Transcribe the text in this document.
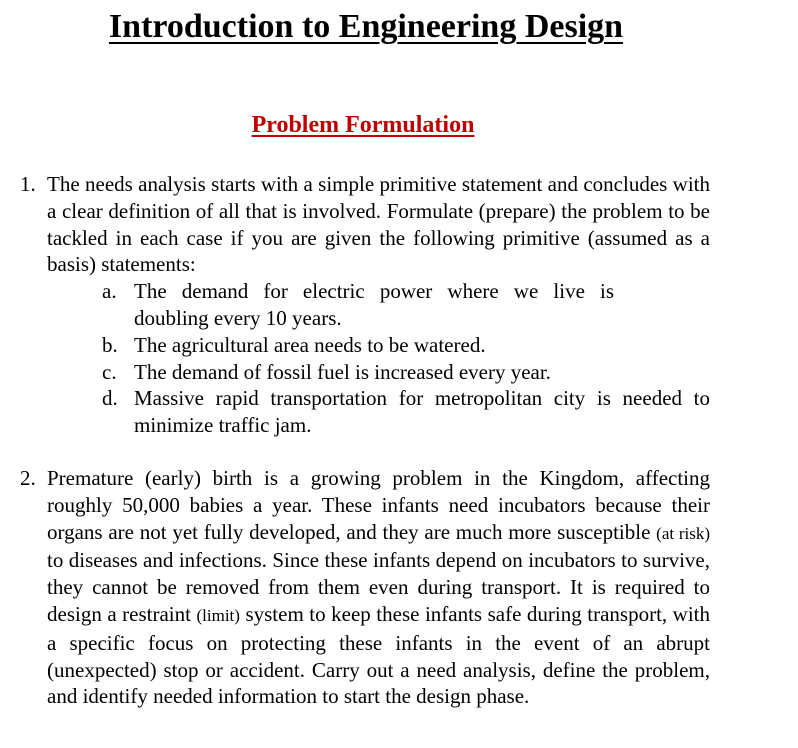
Introduction to Engineering Design
Problem Formulation
1. The needs analysis starts with a simple primitive statement and concludes with a clear definition of all that is involved. Formulate (prepare) the problem to be tackled in each case if you are given the following primitive (assumed as a basis) statements:
a. The demand for electric power where we live is doubling every 10 years.
b. The agricultural area needs to be watered.
c. The demand of fossil fuel is increased every year.
d. Massive rapid transportation for metropolitan city is needed to minimize traffic jam.
2. Premature (early) birth is a growing problem in the Kingdom, affecting roughly 50,000 babies a year. These infants need incubators because their organs are not yet fully developed, and they are much more susceptible (at risk) to diseases and infections. Since these infants depend on incubators to survive, they cannot be removed from them even during transport. It is required to design a restraint (limit) system to keep these infants safe during transport, with a specific focus on protecting these infants in the event of an abrupt (unexpected) stop or accident. Carry out a need analysis, define the problem, and identify needed information to start the design phase.
